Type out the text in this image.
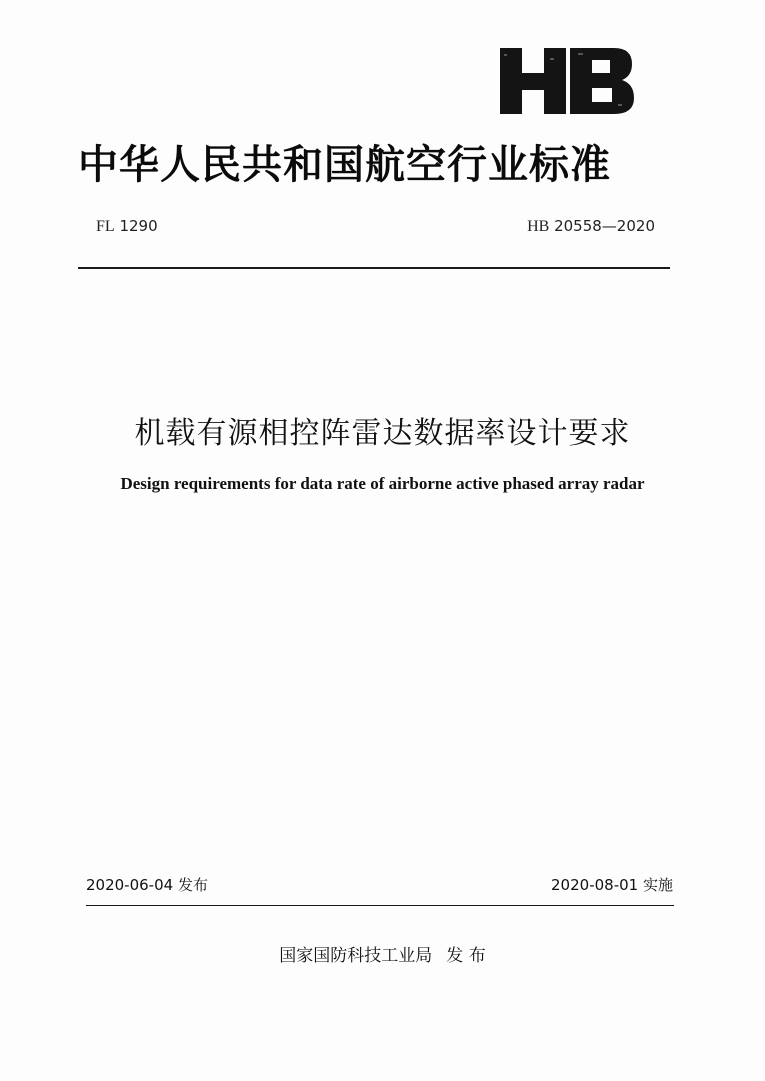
中华人民共和国航空行业标准
FL 1290	HB 20558—2020
机载有源相控阵雷达数据率设计要求
Design requirements for data rate of airborne active phased array radar
2020-06-04 发布	2020-08-01 实施
国家国防科技工业局 发 布
